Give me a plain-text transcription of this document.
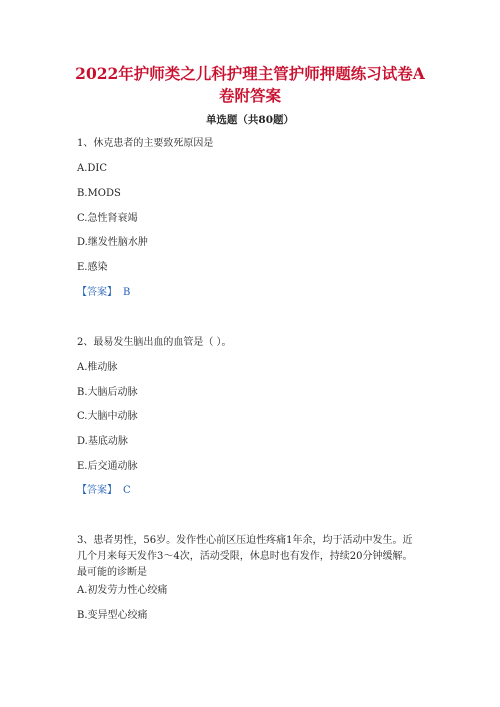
2022年护师类之儿科护理主管护师押题练习试卷A
卷附答案
单选题（共80题）
1、休克患者的主要致死原因是
A.DIC
B.MODS
C.急性肾衰竭
D.继发性脑水肿
E.感染
【答案】 B
2、最易发生脑出血的血管是（ ）。
A.椎动脉
B.大脑后动脉
C.大脑中动脉
D.基底动脉
E.后交通动脉
【答案】 C
3、患者男性，56岁。发作性心前区压迫性疼痛1年余，均于活动中发生。近
几个月来每天发作3～4次，活动受限，休息时也有发作，持续20分钟缓解。
最可能的诊断是
A.初发劳力性心绞痛
B.变异型心绞痛
